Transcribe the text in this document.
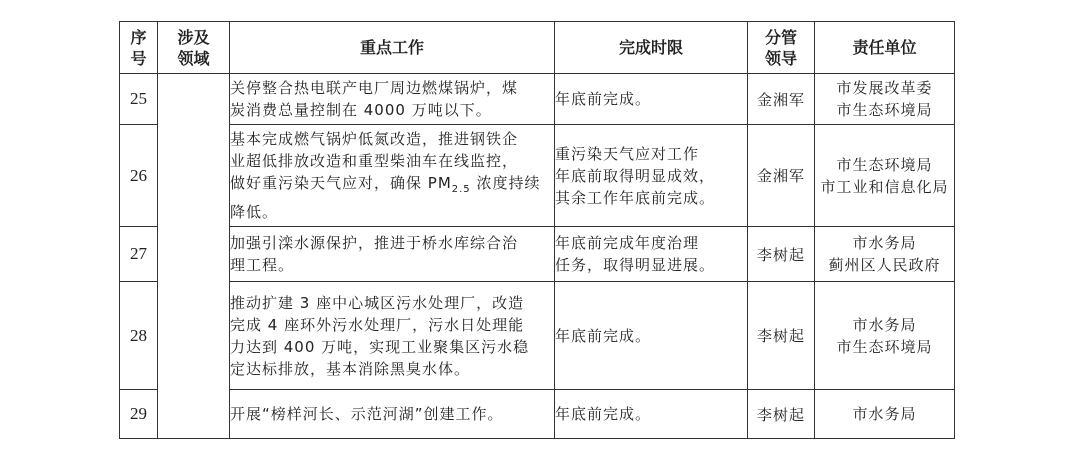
序
号	涉及
领域	重点工作	完成时限	分管
领导	责任单位
25		关停整合热电联产电厂周边燃煤锅炉，煤
炭消费总量控制在 4000 万吨以下。	年底前完成。	金湘军	市发展改革委
市生态环境局

26		基本完成燃气锅炉低氮改造，推进钢铁企
业超低排放改造和重型柴油车在线监控，
做好重污染天气应对，确保 $PM_{2.5}$ 浓度持续
降低。	重污染天气应对工作
年底前取得明显成效，
其余工作年底前完成。	金湘军	市生态环境局
市工业和信息化局

27		加强引滦水源保护，推进于桥水库综合治
理工程。	年底前完成年度治理
任务，取得明显进展。	李树起	市水务局
蓟州区人民政府

28		推动扩建 3 座中心城区污水处理厂，改造
完成 4 座环外污水处理厂，污水日处理能
力达到 400 万吨，实现工业聚集区污水稳
定达标排放，基本消除黑臭水体。	年底前完成。	李树起	市水务局
市生态环境局

29		开展“榜样河长、示范河湖”创建工作。	年底前完成。	李树起	市水务局
